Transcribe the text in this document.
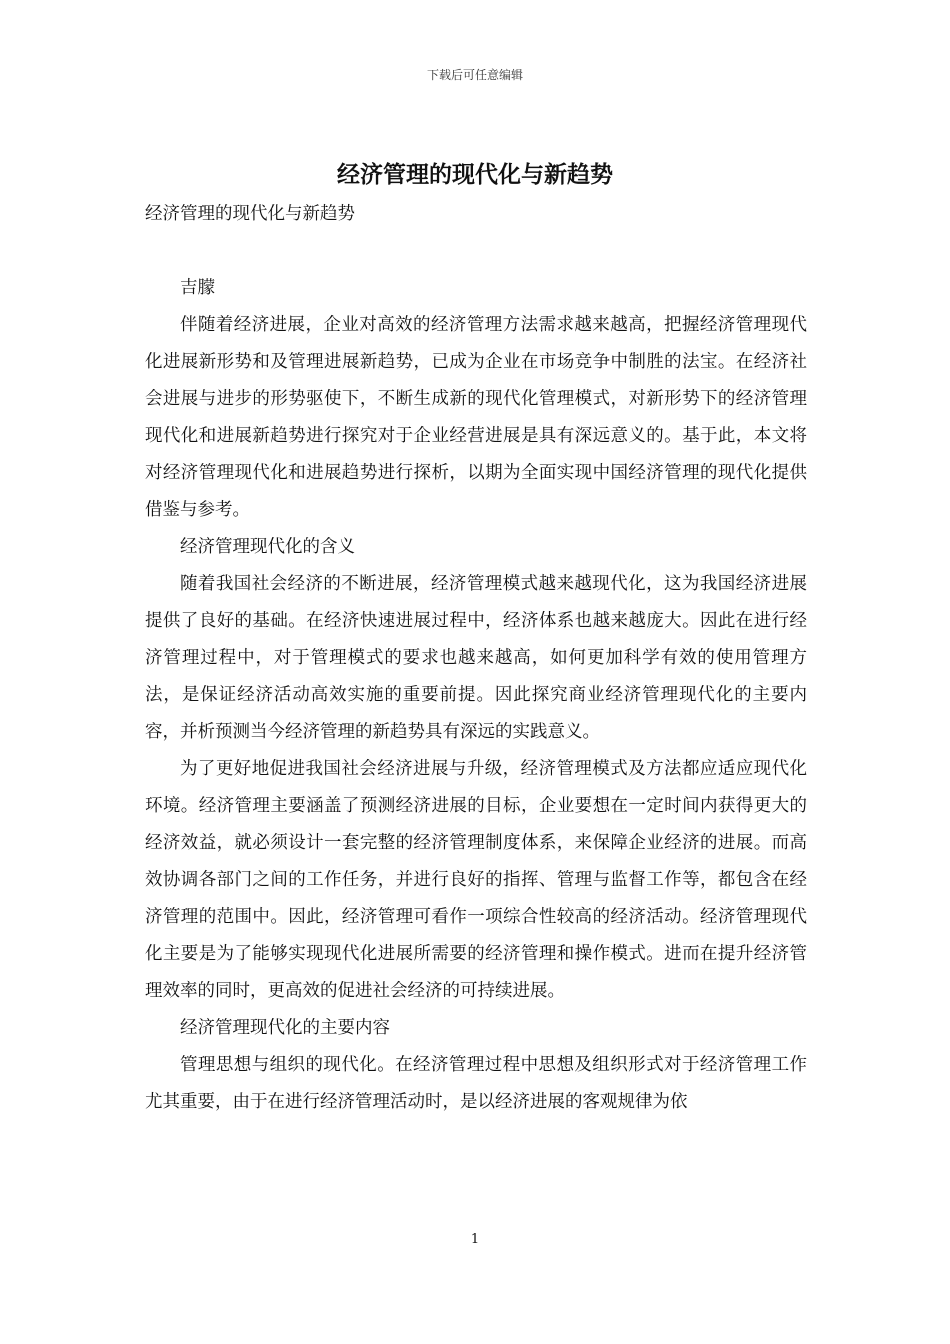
下载后可任意编辑
经济管理的现代化与新趋势

经济管理的现代化与新趋势

吉朦

伴随着经济进展，企业对高效的经济管理方法需求越来越高，把握经济管理现代化进展新形势和及管理进展新趋势，已成为企业在市场竞争中制胜的法宝。在经济社会进展与进步的形势驱使下，不断生成新的现代化管理模式，对新形势下的经济管理现代化和进展新趋势进行探究对于企业经营进展是具有深远意义的。基于此，本文将对经济管理现代化和进展趋势进行探析，以期为全面实现中国经济管理的现代化提供借鉴与参考。

经济管理现代化的含义

随着我国社会经济的不断进展，经济管理模式越来越现代化，这为我国经济进展提供了良好的基础。在经济快速进展过程中，经济体系也越来越庞大。因此在进行经济管理过程中，对于管理模式的要求也越来越高，如何更加科学有效的使用管理方法，是保证经济活动高效实施的重要前提。因此探究商业经济管理现代化的主要内容，并析预测当今经济管理的新趋势具有深远的实践意义。

为了更好地促进我国社会经济进展与升级，经济管理模式及方法都应适应现代化环境。经济管理主要涵盖了预测经济进展的目标，企业要想在一定时间内获得更大的经济效益，就必须设计一套完整的经济管理制度体系，来保障企业经济的进展。而高效协调各部门之间的工作任务，并进行良好的指挥、管理与监督工作等，都包含在经济管理的范围中。因此，经济管理可看作一项综合性较高的经济活动。经济管理现代化主要是为了能够实现现代化进展所需要的经济管理和操作模式。进而在提升经济管理效率的同时，更高效的促进社会经济的可持续进展。

经济管理现代化的主要内容

管理思想与组织的现代化。在经济管理过程中思想及组织形式对于经济管理工作尤其重要，由于在进行经济管理活动时，是以经济进展的客观规律为依

1
